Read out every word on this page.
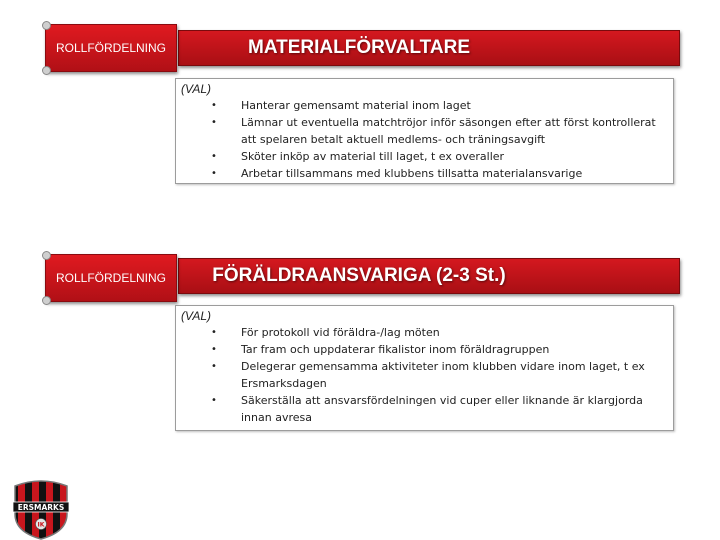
MATERIALFÖRVALTARE
ROLLFÖRDELNING
(VAL)
• Hanterar gemensamt material inom laget
• Lämnar ut eventuella matchtröjor inför säsongen efter att först kontrollerat att spelaren betalt aktuell medlems- och träningsavgift
• Sköter inköp av material till laget, t ex overaller
• Arbetar tillsammans med klubbens tillsatta materialansvarige
FÖRÄLDRAANSVARIGA (2-3 St.)
ROLLFÖRDELNING
(VAL)
• För protokoll vid föräldra-/lag möten
• Tar fram och uppdaterar fikalistor inom föräldragruppen
• Delegerar gemensamma aktiviteter inom klubben vidare inom laget, t ex Ersmarksdagen
• Säkerställa att ansvarsfördelningen vid cuper eller liknande är klargjorda innan avresa
ERSMARKS
IK
